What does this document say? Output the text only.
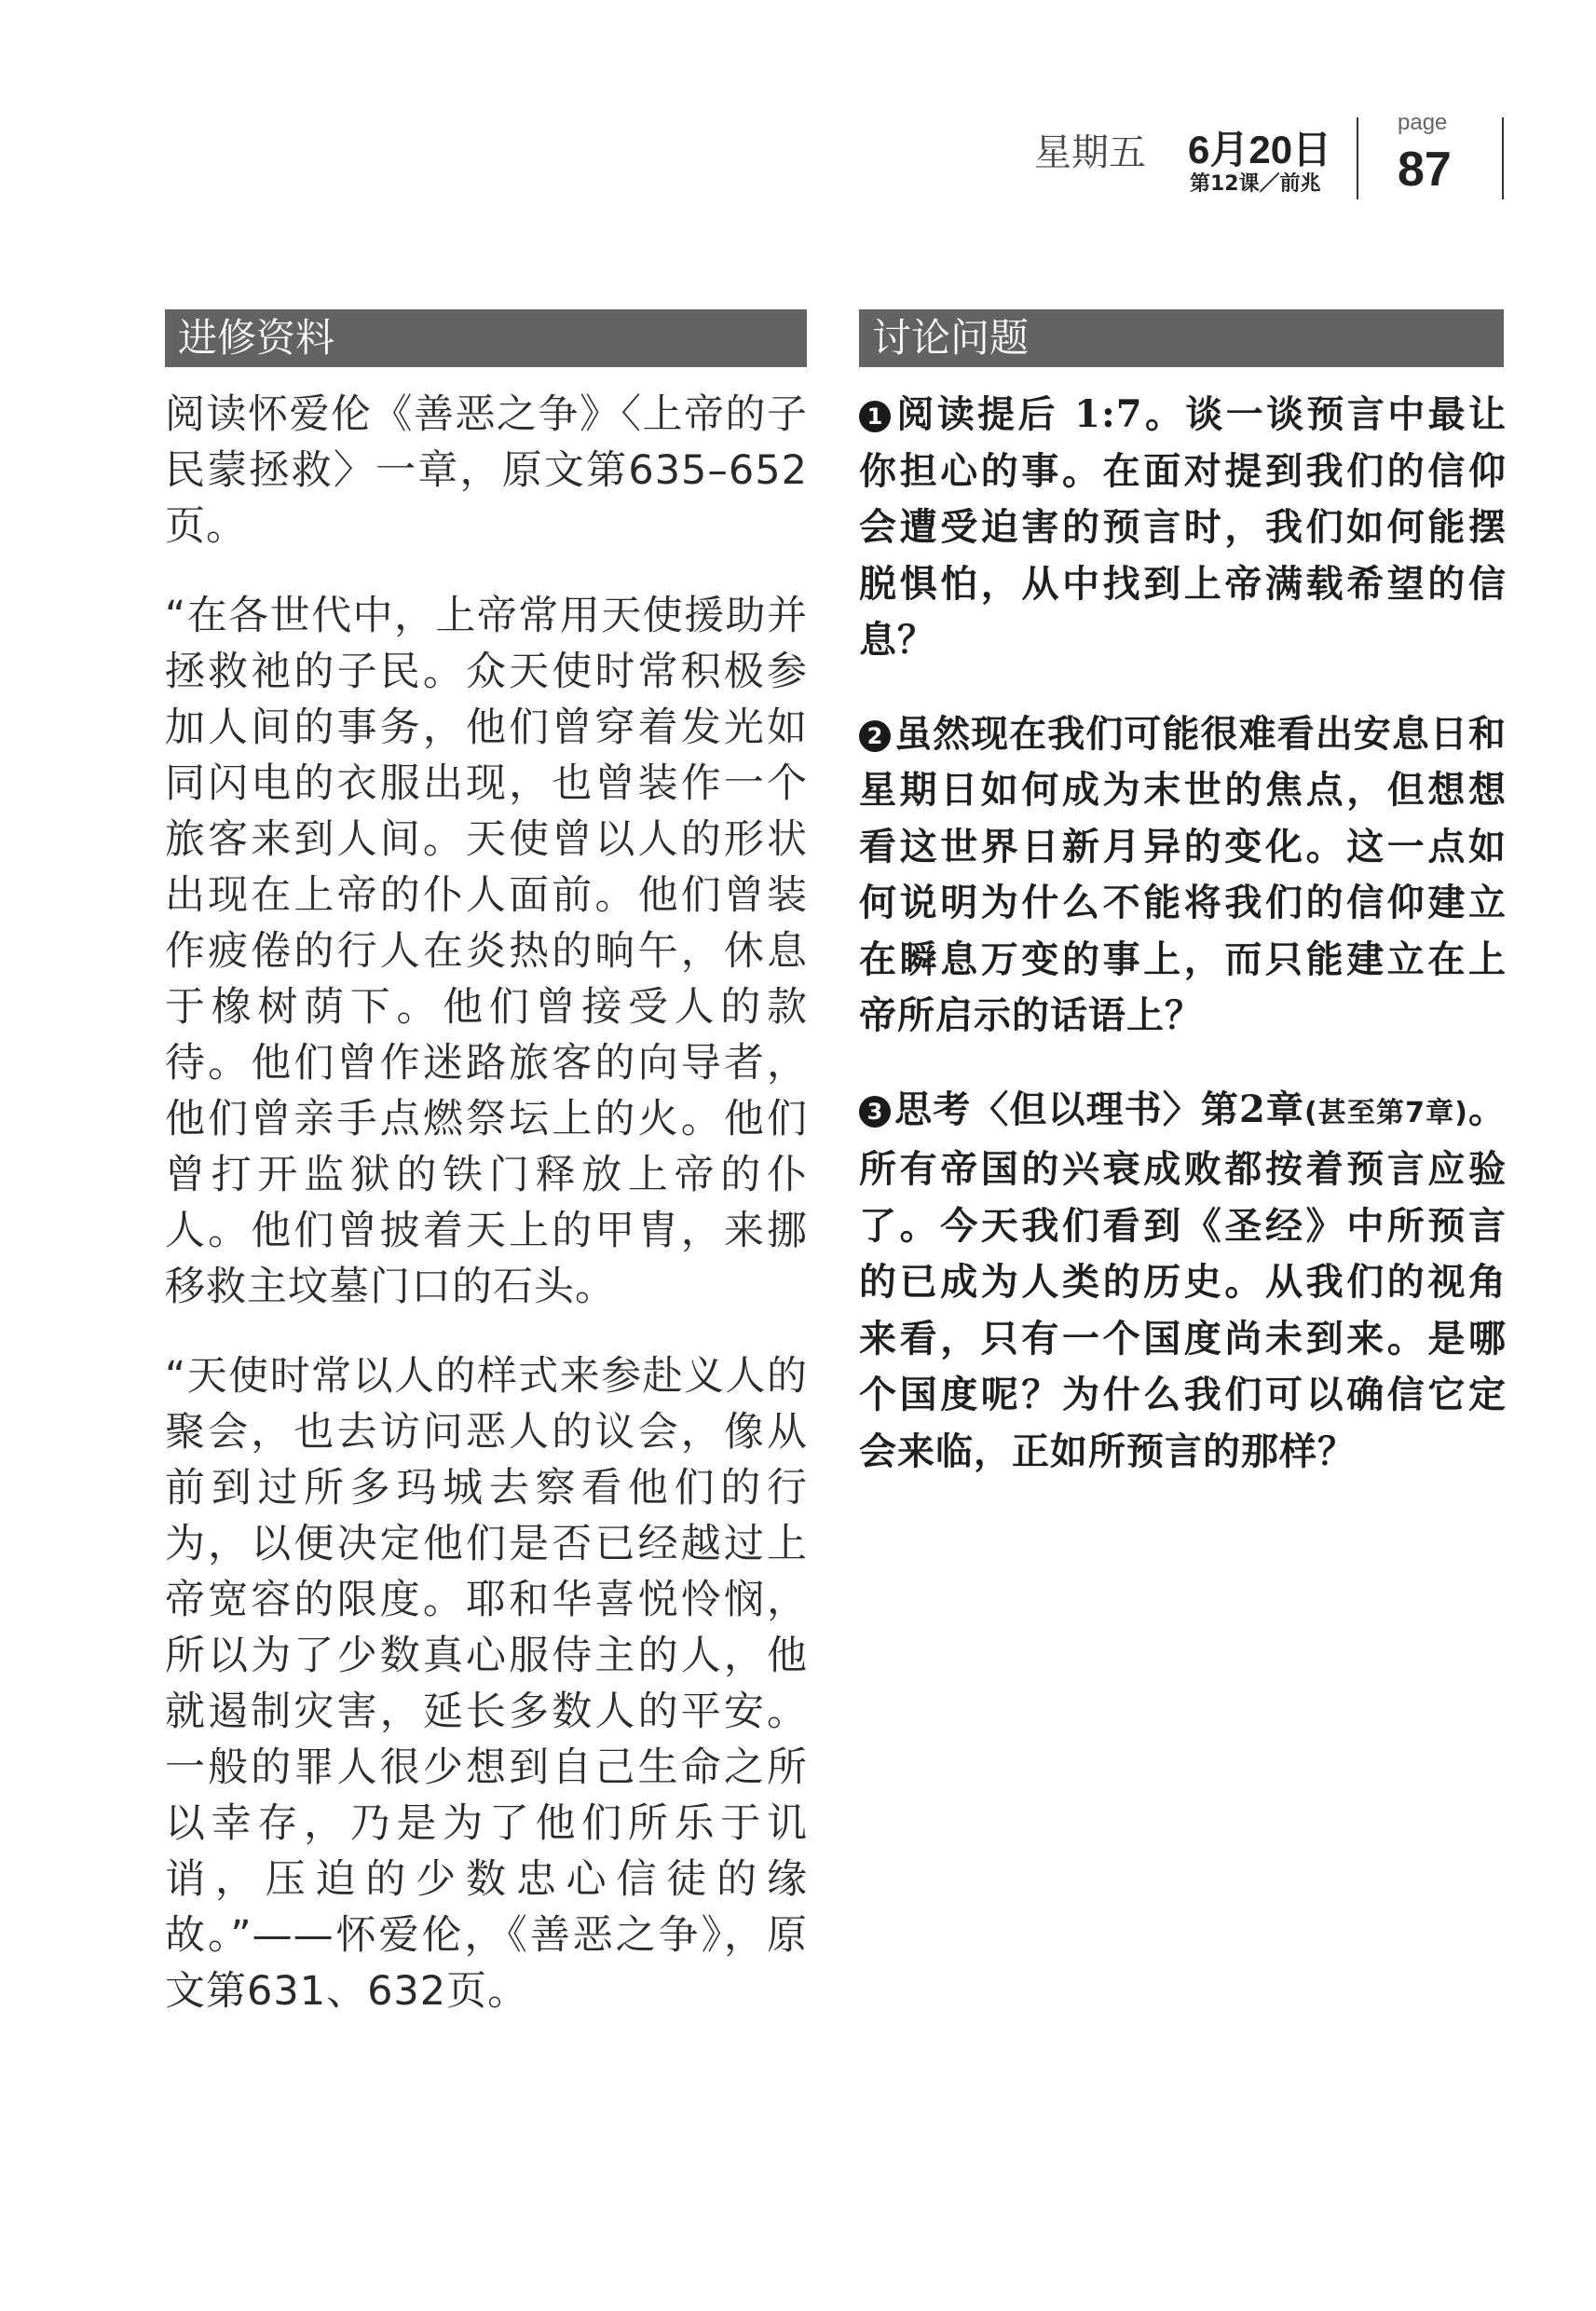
星期五 6月20日
第12课／前兆
page
87
进修资料	讨论问题

阅读怀爱伦《善恶之争》〈上帝的子民蒙拯救〉一章，原文第635–652页。

“在各世代中，上帝常用天使援助并拯救祂的子民。众天使时常积极参加人间的事务，他们曾穿着发光如同闪电的衣服出现，也曾装作一个旅客来到人间。天使曾以人的形状出现在上帝的仆人面前。他们曾装作疲倦的行人在炎热的晌午，休息于橡树荫下。他们曾接受人的款待。他们曾作迷路旅客的向导者，他们曾亲手点燃祭坛上的火。他们曾打开监狱的铁门释放上帝的仆人。他们曾披着天上的甲胄，来挪移救主坟墓门口的石头。

“天使时常以人的样式来参赴义人的聚会，也去访问恶人的议会，像从前到过所多玛城去察看他们的行为，以便决定他们是否已经越过上帝宽容的限度。耶和华喜悦怜悯，所以为了少数真心服侍主的人，他就遏制灾害，延长多数人的平安。一般的罪人很少想到自己生命之所以幸存，乃是为了他们所乐于讥诮，压迫的少数忠心信徒的缘故。”——怀爱伦，《善恶之争》，原文第631、632页。

1 阅读提后 1:7。谈一谈预言中最让你担心的事。在面对提到我们的信仰会遭受迫害的预言时，我们如何能摆脱惧怕，从中找到上帝满载希望的信息？
2 虽然现在我们可能很难看出安息日和星期日如何成为末世的焦点，但想想看这世界日新月异的变化。这一点如何说明为什么不能将我们的信仰建立在瞬息万变的事上，而只能建立在上帝所启示的话语上？
3 思考〈但以理书〉第2章(甚至第7章)。所有帝国的兴衰成败都按着预言应验了。今天我们看到《圣经》中所预言的已成为人类的历史。从我们的视角来看，只有一个国度尚未到来。是哪个国度呢？为什么我们可以确信它定会来临，正如所预言的那样？
